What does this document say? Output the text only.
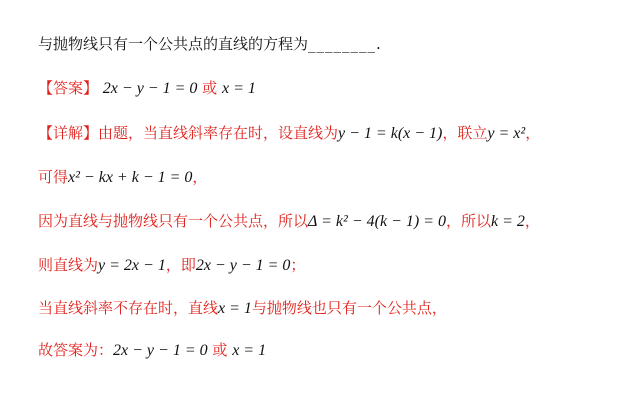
与抛物线只有一个公共点的直线的方程为________.
【答案】 2x − y − 1 = 0 或 x = 1
【详解】由题，当直线斜率存在时，设直线为y − 1 = k(x − 1)，联立y = x²，
可得x² − kx + k − 1 = 0，
因为直线与抛物线只有一个公共点，所以Δ = k² − 4(k − 1) = 0，所以k = 2，
则直线为y = 2x − 1，即2x − y − 1 = 0；
当直线斜率不存在时，直线x = 1与抛物线也只有一个公共点，
故答案为：2x − y − 1 = 0 或 x = 1
